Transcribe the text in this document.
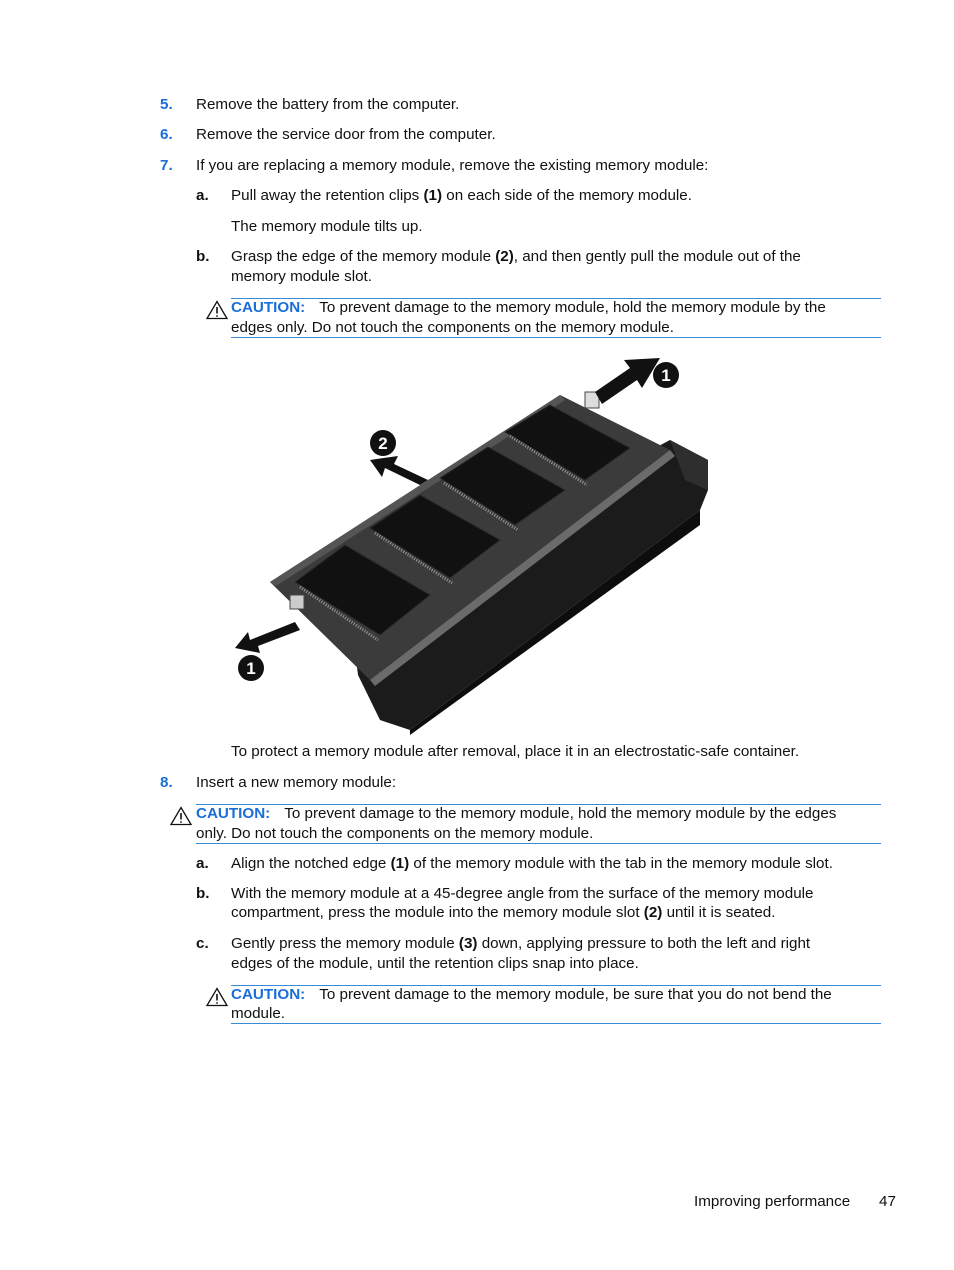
5. Remove the battery from the computer.
6. Remove the service door from the computer.
7. If you are replacing a memory module, remove the existing memory module:
a. Pull away the retention clips (1) on each side of the memory module.
The memory module tilts up.
b. Grasp the edge of the memory module (2), and then gently pull the module out of the
memory module slot.
CAUTION: To prevent damage to the memory module, hold the memory module by the
edges only. Do not touch the components on the memory module.
1
2
1
To protect a memory module after removal, place it in an electrostatic-safe container.
8. Insert a new memory module:
CAUTION: To prevent damage to the memory module, hold the memory module by the edges
only. Do not touch the components on the memory module.
a. Align the notched edge (1) of the memory module with the tab in the memory module slot.
b. With the memory module at a 45-degree angle from the surface of the memory module
compartment, press the module into the memory module slot (2) until it is seated.
c. Gently press the memory module (3) down, applying pressure to both the left and right
edges of the module, until the retention clips snap into place.
CAUTION: To prevent damage to the memory module, be sure that you do not bend the
module.
Improving performance 47
